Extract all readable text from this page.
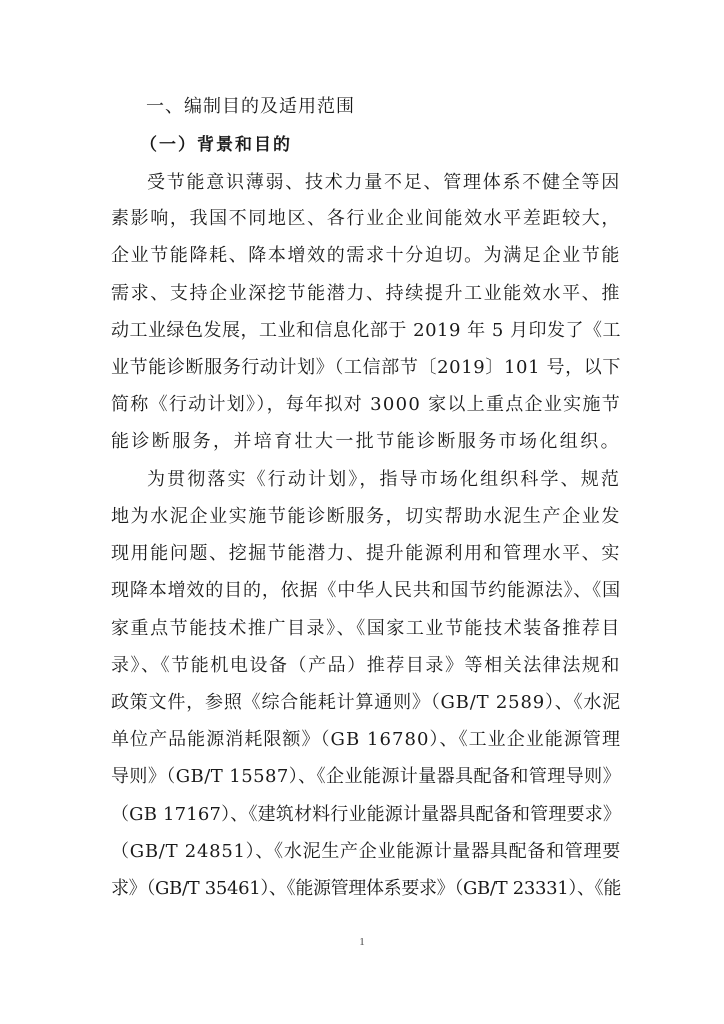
一、编制目的及适用范围
（一）背景和目的
受节能意识薄弱、技术力量不足、管理体系不健全等因
素影响，我国不同地区、各行业企业间能效水平差距较大，
企业节能降耗、降本增效的需求十分迫切。为满足企业节能
需求、支持企业深挖节能潜力、持续提升工业能效水平、推
动工业绿色发展，工业和信息化部于 2019 年 5 月印发了《工
业节能诊断服务行动计划》（工信部节〔2019〕101 号，以下
简称《行动计划》），每年拟对 3000 家以上重点企业实施节
能诊断服务，并培育壮大一批节能诊断服务市场化组织。
为贯彻落实《行动计划》，指导市场化组织科学、规范
地为水泥企业实施节能诊断服务，切实帮助水泥生产企业发
现用能问题、挖掘节能潜力、提升能源利用和管理水平、实
现降本增效的目的，依据《中华人民共和国节约能源法》、《国
家重点节能技术推广目录》、《国家工业节能技术装备推荐目
录》、《节能机电设备（产品）推荐目录》等相关法律法规和
政策文件，参照《综合能耗计算通则》（GB/T 2589）、《水泥
单位产品能源消耗限额》（GB 16780）、《工业企业能源管理
导则》（GB/T 15587）、《企业能源计量器具配备和管理导则》
（GB 17167）、《建筑材料行业能源计量器具配备和管理要求》
（GB/T 24851）、《水泥生产企业能源计量器具配备和管理要
求》（GB/T 35461）、《能源管理体系要求》（GB/T 23331）、《能
1
